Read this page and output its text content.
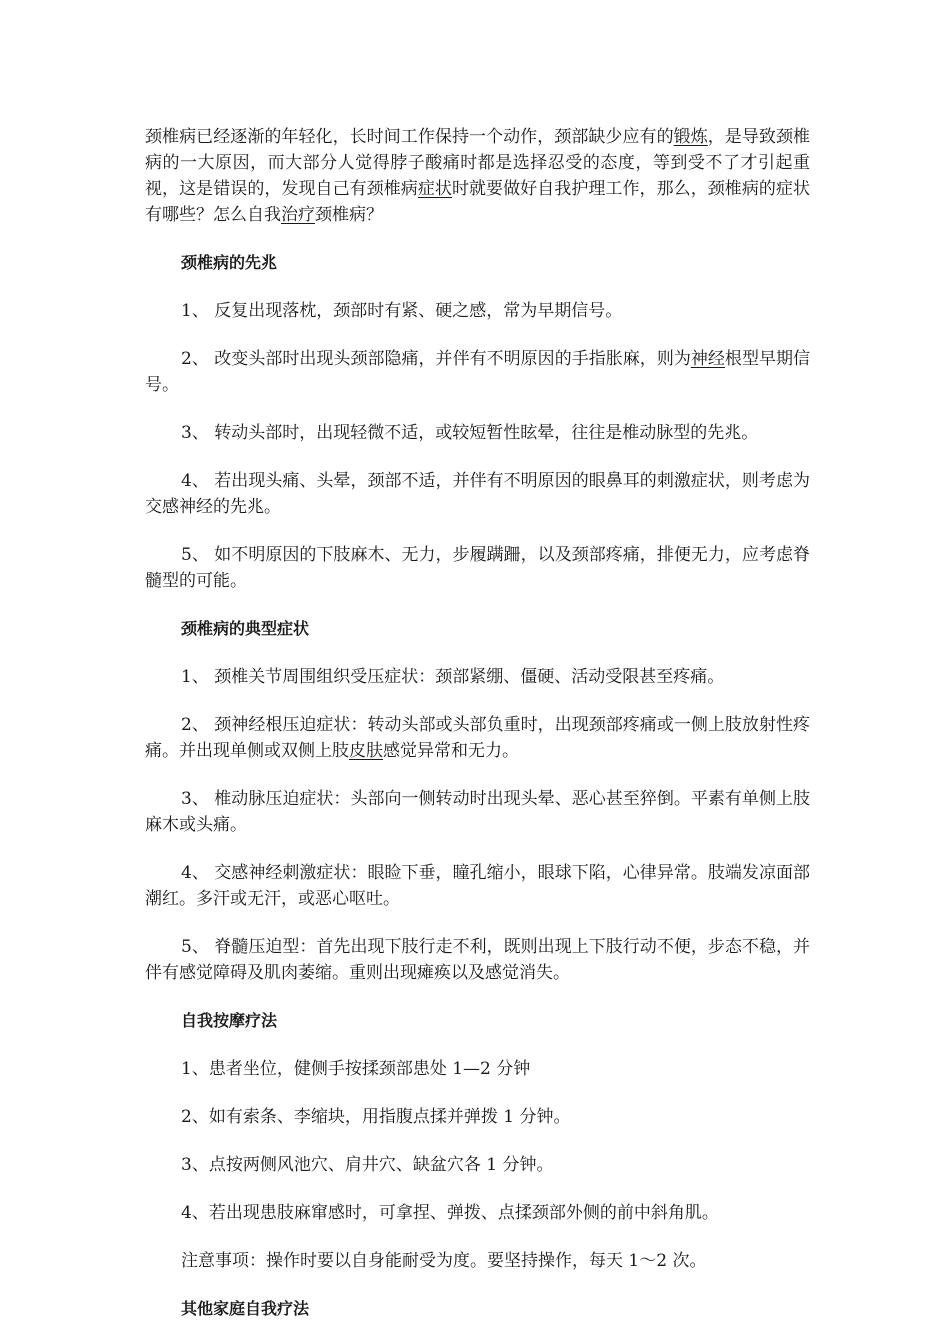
颈椎病已经逐渐的年轻化，长时间工作保持一个动作，颈部缺少应有的锻炼，是导致颈椎病的一大原因，而大部分人觉得脖子酸痛时都是选择忍受的态度，等到受不了才引起重视，这是错误的，发现自己有颈椎病症状时就要做好自我护理工作，那么，颈椎病的症状有哪些？怎么自我治疗颈椎病？

颈椎病的先兆

1、 反复出现落枕，颈部时有紧、硬之感，常为早期信号。

2、 改变头部时出现头颈部隐痛，并伴有不明原因的手指胀麻，则为神经根型早期信号。

3、 转动头部时，出现轻微不适，或较短暂性眩晕，往往是椎动脉型的先兆。

4、 若出现头痛、头晕，颈部不适，并伴有不明原因的眼鼻耳的刺激症状，则考虑为交感神经的先兆。

5、 如不明原因的下肢麻木、无力，步履蹒跚，以及颈部疼痛，排便无力，应考虑脊髓型的可能。

颈椎病的典型症状

1、 颈椎关节周围组织受压症状：颈部紧绷、僵硬、活动受限甚至疼痛。

2、 颈神经根压迫症状：转动头部或头部负重时，出现颈部疼痛或一侧上肢放射性疼痛。并出现单侧或双侧上肢皮肤感觉异常和无力。

3、 椎动脉压迫症状：头部向一侧转动时出现头晕、恶心甚至猝倒。平素有单侧上肢麻木或头痛。

4、 交感神经刺激症状：眼睑下垂，瞳孔缩小，眼球下陷，心律异常。肢端发凉面部潮红。多汗或无汗，或恶心呕吐。

5、 脊髓压迫型：首先出现下肢行走不利，既则出现上下肢行动不便，步态不稳，并伴有感觉障碍及肌肉萎缩。重则出现瘫痪以及感觉消失。

自我按摩疗法

1、患者坐位，健侧手按揉颈部患处 1—2 分钟

2、如有索条、李缩块，用指腹点揉并弹拨 1 分钟。

3、点按两侧风池穴、肩井穴、缺盆穴各 1 分钟。

4、若出现患肢麻窜感时，可拿捏、弹拨、点揉颈部外侧的前中斜角肌。

注意事项：操作时要以自身能耐受为度。要坚持操作，每天 1～2 次。

其他家庭自我疗法
